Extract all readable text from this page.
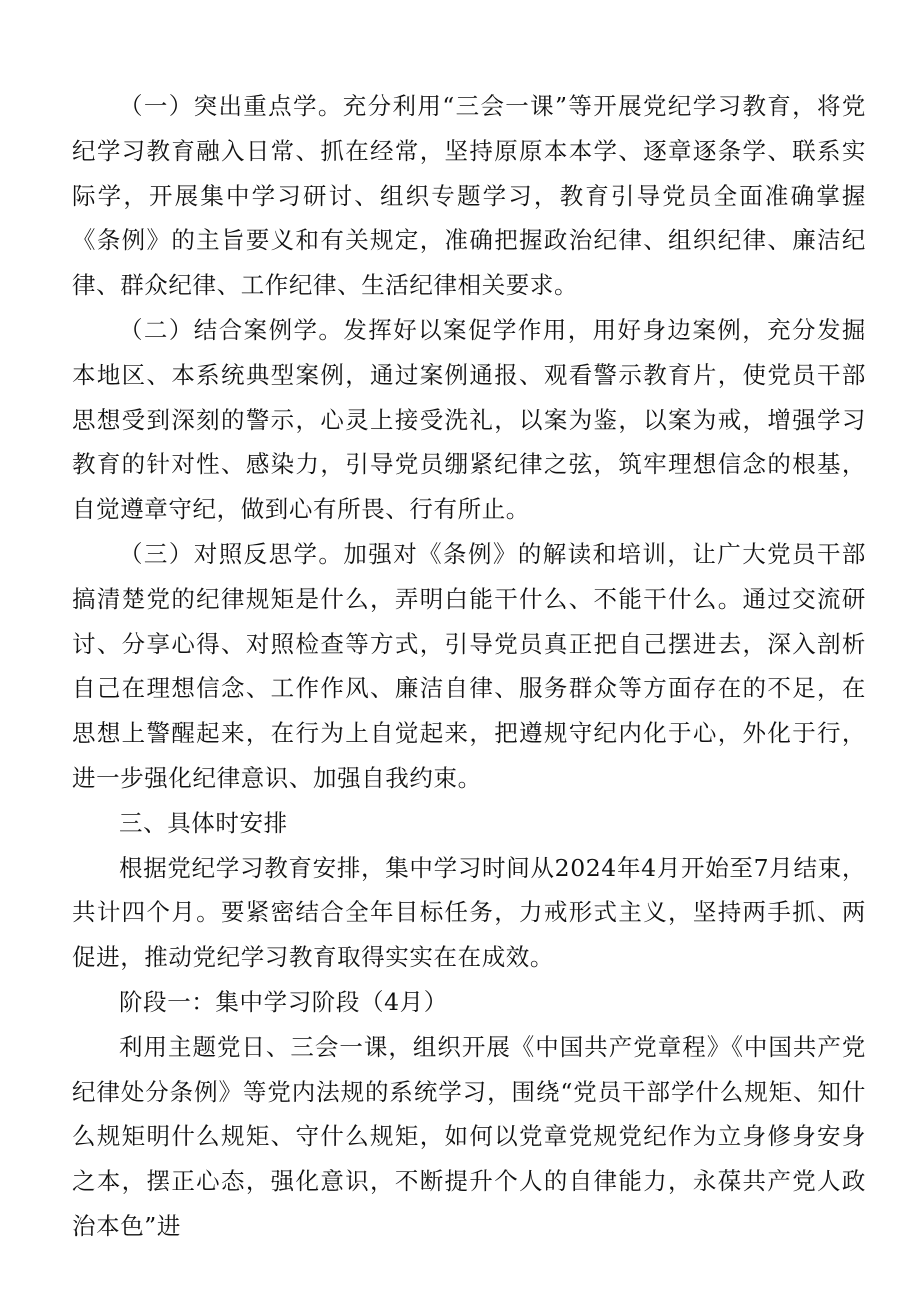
（一）突出重点学。充分利用“三会一课”等开展党纪学习教育，将党纪学习教育融入日常、抓在经常，坚持原原本本学、逐章逐条学、联系实际学，开展集中学习研讨、组织专题学习，教育引导党员全面准确掌握《条例》的主旨要义和有关规定，准确把握政治纪律、组织纪律、廉洁纪律、群众纪律、工作纪律、生活纪律相关要求。

（二）结合案例学。发挥好以案促学作用，用好身边案例，充分发掘本地区、本系统典型案例，通过案例通报、观看警示教育片，使党员干部思想受到深刻的警示，心灵上接受洗礼，以案为鉴，以案为戒，增强学习教育的针对性、感染力，引导党员绷紧纪律之弦，筑牢理想信念的根基，自觉遵章守纪，做到心有所畏、行有所止。

（三）对照反思学。加强对《条例》的解读和培训，让广大党员干部搞清楚党的纪律规矩是什么，弄明白能干什么、不能干什么。通过交流研讨、分享心得、对照检查等方式，引导党员真正把自己摆进去，深入剖析自己在理想信念、工作作风、廉洁自律、服务群众等方面存在的不足，在思想上警醒起来，在行为上自觉起来，把遵规守纪内化于心，外化于行，进一步强化纪律意识、加强自我约束。

三、具体时安排

根据党纪学习教育安排，集中学习时间从2024年4月开始至7月结束，共计四个月。要紧密结合全年目标任务，力戒形式主义，坚持两手抓、两促进，推动党纪学习教育取得实实在在成效。

阶段一：集中学习阶段（4月）

利用主题党日、三会一课，组织开展《中国共产党章程》《中国共产党纪律处分条例》等党内法规的系统学习，围绕“党员干部学什么规矩、知什么规矩明什么规矩、守什么规矩，如何以党章党规党纪作为立身修身安身之本，摆正心态，强化意识，不断提升个人的自律能力，永葆共产党人政治本色”进
